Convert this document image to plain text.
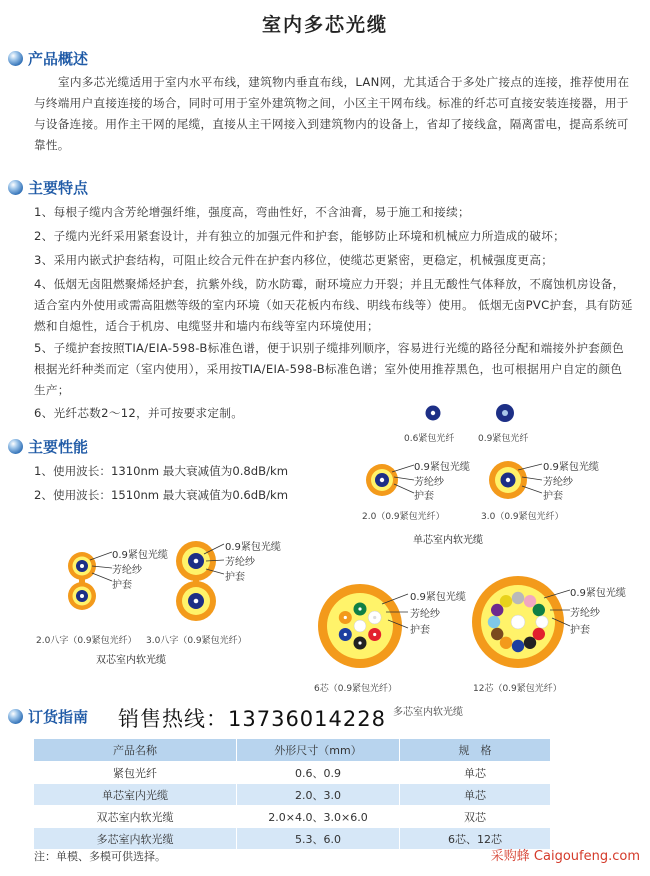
室内多芯光缆
产品概述
室内多芯光缆适用于室内水平布线，建筑物内垂直布线，LAN网，尤其适合于多处广接点的连接，推荐使用在与终端用户直接连接的场合，同时可用于室外建筑物之间，小区主干网布线。标准的纤芯可直接安装连接器，用于与设备连接。用作主干网的尾缆，直接从主干网接入到建筑物内的设备上，省却了接线盒，隔离雷电，提高系统可靠性。
主要特点
1、每根子缆内含芳纶增强纤维，强度高，弯曲性好，不含油膏，易于施工和接续；
2、子缆内光纤采用紧套设计，并有独立的加强元件和护套，能够防止环境和机械应力所造成的破坏；
3、采用内嵌式护套结构，可阻止绞合元件在护套内移位，使缆芯更紧密，更稳定，机械强度更高；
4、低烟无卤阻燃聚烯烃护套，抗紫外线，防水防霉，耐环境应力开裂；并且无酸性气体释放，不腐蚀机房设备，适合室内外使用或需高阻燃等级的室内环境（如天花板内布线、明线布线等）使用。 低烟无卤PVC护套，具有防延燃和自熄性，适合于机房、电缆竖井和墙内布线等室内环境使用；
5、子缆护套按照TIA/EIA-598-B标准色谱，便于识别子缆排列顺序，容易进行光缆的路径分配和端接外护套颜色根据光纤种类而定（室内使用），采用按TIA/EIA-598-B标准色谱；室外使用推荐黑色，也可根据用户自定的颜色生产；
6、光纤芯数2～12，并可按要求定制。
主要性能
1、使用波长：1310nm 最大衰减值为0.8dB/km
2、使用波长：1510nm 最大衰减值为0.6dB/km
0.6紧包光纤	0.9紧包光纤
0.9紧包光缆
芳纶纱
护套
2.0（0.9紧包光纤）
0.9紧包光缆
芳纶纱
护套
3.0（0.9紧包光纤）
单芯室内软光缆
0.9紧包光缆
芳纶纱
护套
2.0八字（0.9紧包光纤）
0.9紧包光缆
芳纶纱
护套
3.0八字（0.9紧包光纤）
双芯室内软光缆
0.9紧包光缆
芳纶纱
护套
6芯（0.9紧包光纤）
0.9紧包光缆
芳纶纱
护套
12芯（0.9紧包光纤）
订货指南 销售热线：13736014228 多芯室内软光缆
产品名称	外形尺寸（mm）	规　格
紧包光纤	0.6、0.9	单芯
单芯室内光缆	2.0、3.0	单芯
双芯室内软光缆	2.0×4.0、3.0×6.0	双芯
多芯室内软光缆	5.3、6.0	6芯、12芯
注：单模、多模可供选择。	采购蜂 Caigoufeng.com
